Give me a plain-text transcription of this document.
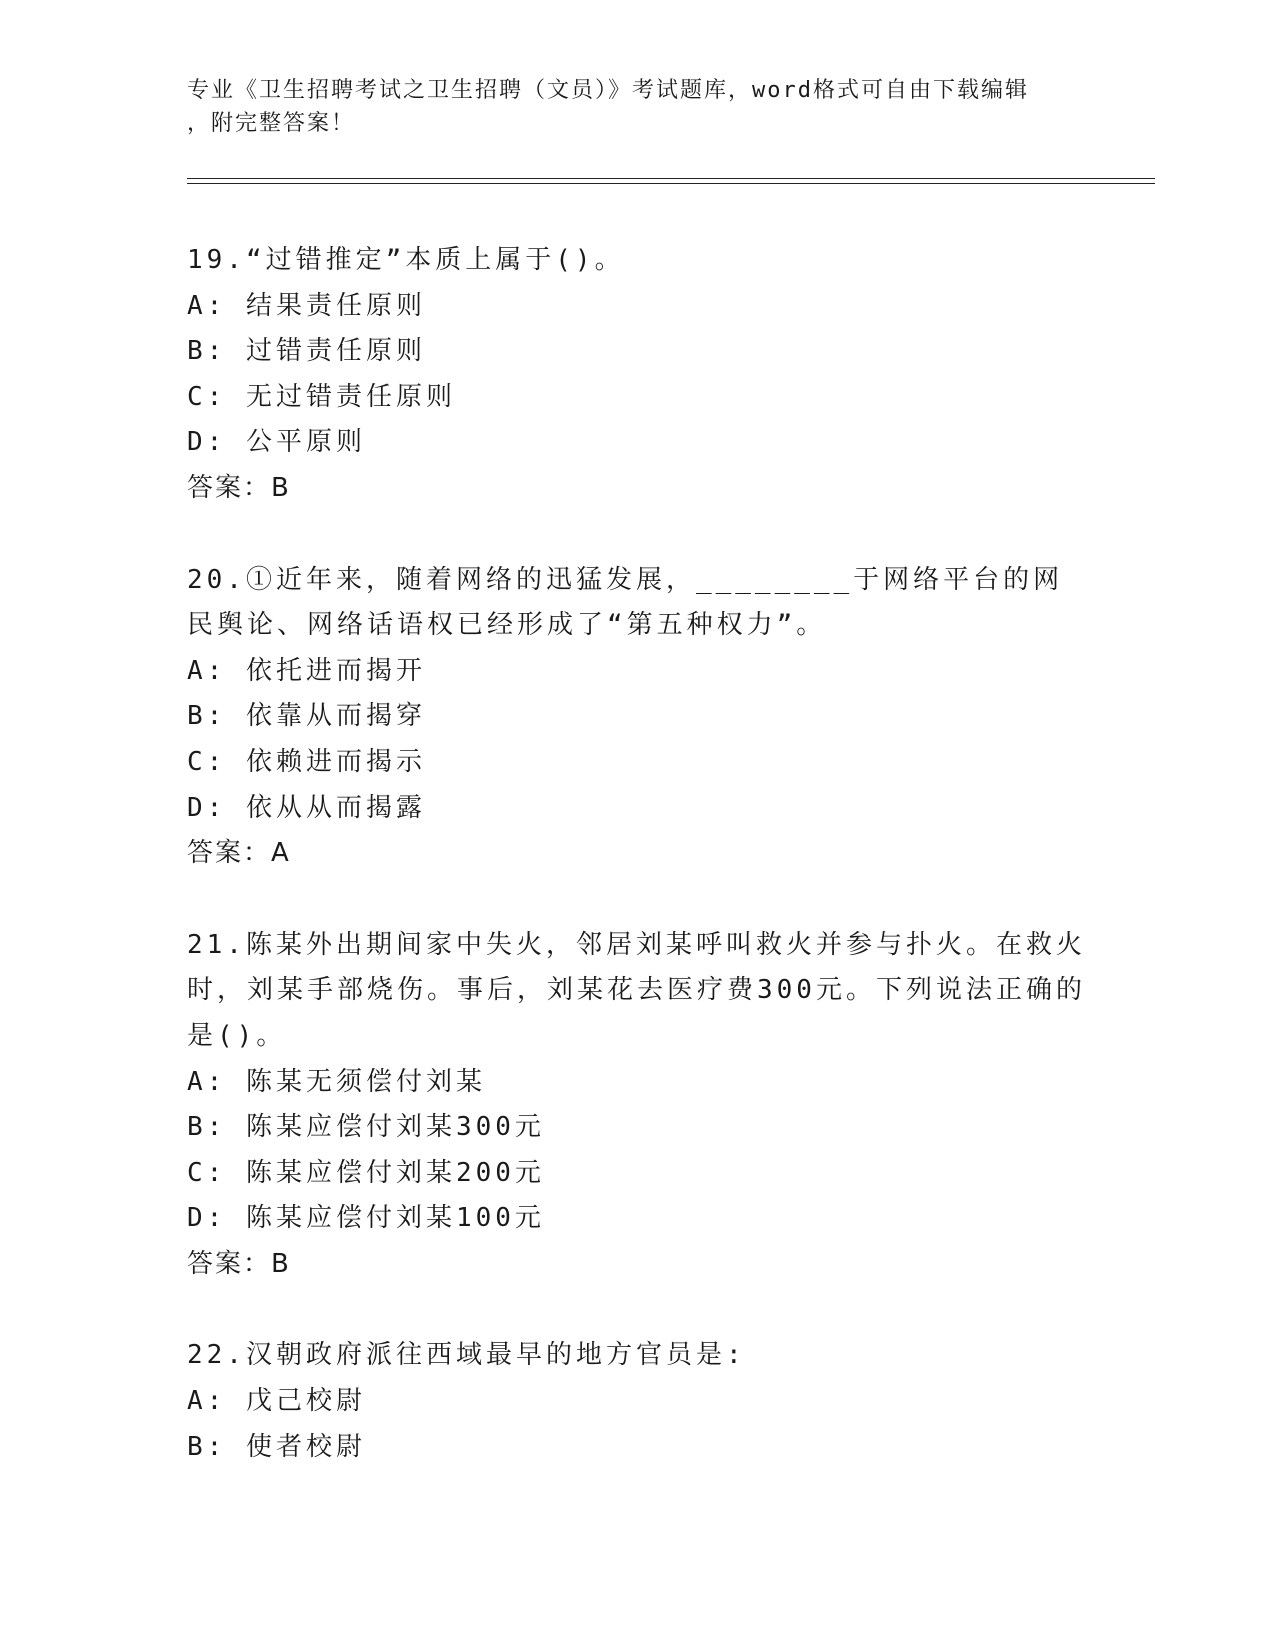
专业《卫生招聘考试之卫生招聘（文员）》考试题库，word格式可自由下载编辑
，附完整答案！
19.“过错推定”本质上属于()。
A: 结果责任原则
B: 过错责任原则
C: 无过错责任原则
D: 公平原则
答案：B
20.①近年来，随着网络的迅猛发展，________于网络平台的网民舆论、网络话语权已经形成了“第五种权力”。
A: 依托进而揭开
B: 依靠从而揭穿
C: 依赖进而揭示
D: 依从从而揭露
答案：A
21.陈某外出期间家中失火，邻居刘某呼叫救火并参与扑火。在救火时，刘某手部烧伤。事后，刘某花去医疗费300元。下列说法正确的是()。
A: 陈某无须偿付刘某
B: 陈某应偿付刘某300元
C: 陈某应偿付刘某200元
D: 陈某应偿付刘某100元
答案：B
22.汉朝政府派往西域最早的地方官员是:
A: 戊己校尉
B: 使者校尉
